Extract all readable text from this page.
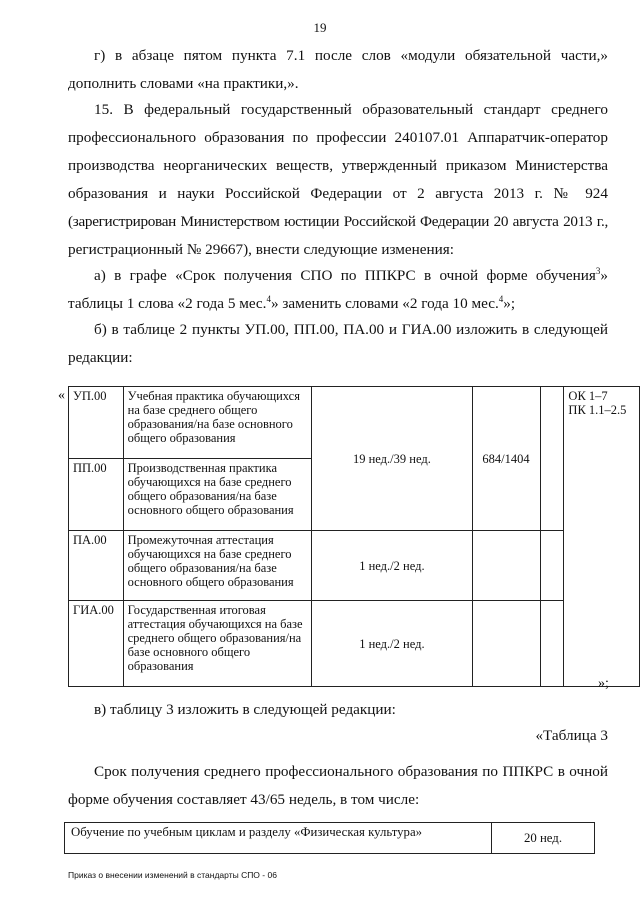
19
г) в абзаце пятом пункта 7.1 после слов «модули обязательной части,»
дополнить словами «на практики,».
15. В федеральный государственный образовательный стандарт среднего
профессионального образования по профессии 240107.01 Аппаратчик-оператор
производства неорганических веществ, утвержденный приказом Министерства
образования и науки Российской Федерации от 2 августа 2013 г. № 924
(зарегистрирован Министерством юстиции Российской Федерации 20 августа 2013 г.,
регистрационный № 29667), внести следующие изменения:
а) в графе «Срок получения СПО по ППКРС в очной форме обучения$^3$»
таблицы 1 слова «2 года 5 мес.$^4$» заменить словами «2 года 10 мес.$^4$»;
б) в таблице 2 пункты УП.00, ПП.00, ПА.00 и ГИА.00 изложить в следующей
редакции:
« УП.00	Учебная практика обучающихся на базе среднего общего образования/на базе основного общего образования	19 нед./39 нед.	684/1404		ОК 1–7
ПК 1.1–2.5

ПП.00	Производственная практика обучающихся на базе среднего общего образования/на базе основного общего образования				
ПА.00	Промежуточная аттестация обучающихся на базе среднего общего образования/на базе основного общего образования	1 нед./2 нед.			
ГИА.00	Государственная итоговая аттестация обучающихся на базе среднего общего образования/на базе основного общего образования	1 нед./2 нед.			
»;
в) таблицу 3 изложить в следующей редакции:
«Таблица 3
Срок получения среднего профессионального образования по ППКРС в очной
форме обучения составляет 43/65 недель, в том числе:
Обучение по учебным циклам и разделу «Физическая культура»	20 нед.
Приказ о внесении изменений в стандарты СПО - 06
